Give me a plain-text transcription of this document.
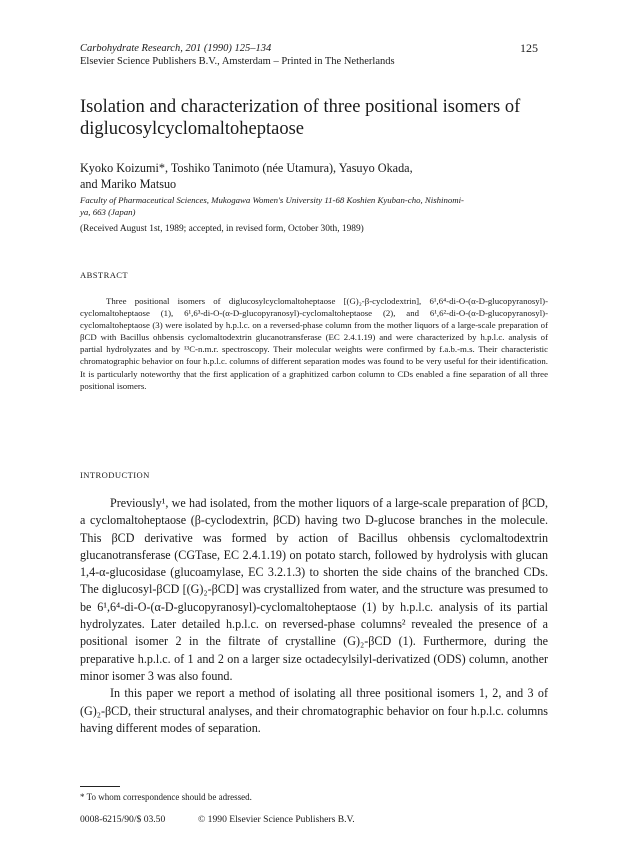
Carbohydrate Research, 201 (1990) 125–134
Elsevier Science Publishers B.V., Amsterdam – Printed in The Netherlands
125
Isolation and characterization of three positional isomers of
diglucosylcyclomaltoheptaose
Kyoko Koizumi*, Toshiko Tanimoto (née Utamura), Yasuyo Okada,
and Mariko Matsuo
Faculty of Pharmaceutical Sciences, Mukogawa Women's University 11-68 Koshien Kyuban-cho, Nishinomi-
ya, 663 (Japan)
(Received August 1st, 1989; accepted, in revised form, October 30th, 1989)
ABSTRACT

Three positional isomers of diglucosylcyclomaltoheptaose [(G)₂-β-cyclodextrin], 6¹,6⁴-di-O-(α-D-glucopyranosyl)-cyclomaltoheptaose (1), 6¹,6³-di-O-(α-D-glucopyranosyl)-cyclomaltoheptaose (2), and 6¹,6²-di-O-(α-D-glucopyranosyl)-cyclomaltoheptaose (3) were isolated by h.p.l.c. on a reversed-phase column from the mother liquors of a large-scale preparation of βCD with Bacillus ohbensis cyclomaltodextrin glucanotransferase (EC 2.4.1.19) and were characterized by h.p.l.c. analysis of partial hydrolyzates and by ¹³C-n.m.r. spectroscopy. Their molecular weights were confirmed by f.a.b.-m.s. Their characteristic chromatographic behavior on four h.p.l.c. columns of different separation modes was found to be very useful for their identification. It is particularly noteworthy that the first application of a graphitized carbon column to CDs enabled a fine separation of all three positional isomers.

INTRODUCTION

Previously¹, we had isolated, from the mother liquors of a large-scale preparation of βCD, a cyclomaltoheptaose (β-cyclodextrin, βCD) having two D-glucose branches in the molecule. This βCD derivative was formed by action of Bacillus ohbensis cyclomaltodextrin glucanotransferase (CGTase, EC 2.4.1.19) on potato starch, followed by hydrolysis with glucan 1,4-α-glucosidase (glucoamylase, EC 3.2.1.3) to shorten the side chains of the branched CDs. The diglucosyl-βCD [(G)₂-βCD] was crystallized from water, and the structure was presumed to be 6¹,6⁴-di-O-(α-D-glucopyranosyl)-cyclomaltoheptaose (1) by h.p.l.c. analysis of its partial hydrolyzates. Later detailed h.p.l.c. on reversed-phase columns² revealed the presence of a positional isomer 2 in the filtrate of crystalline (G)₂-βCD (1). Furthermore, during the preparative h.p.l.c. of 1 and 2 on a larger size octadecylsilyl-derivatized (ODS) column, another minor isomer 3 was also found.

In this paper we report a method of isolating all three positional isomers 1, 2, and 3 of (G)₂-βCD, their structural analyses, and their chromatographic behavior on four h.p.l.c. columns having different modes of separation.

* To whom correspondence should be adressed.
0008-6215/90/$ 03.50	© 1990 Elsevier Science Publishers B.V.
